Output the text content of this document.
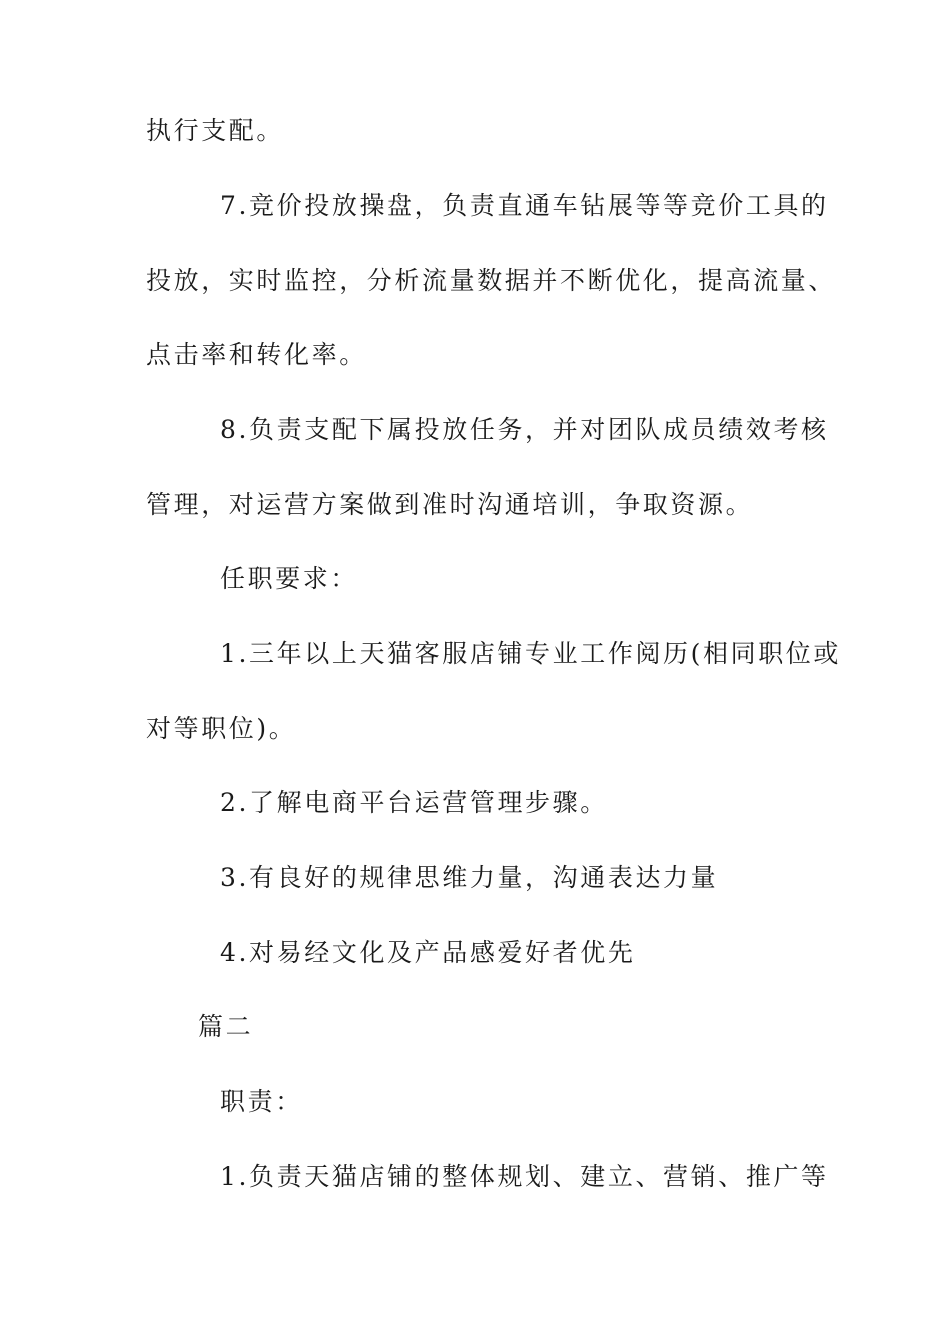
执行支配。
7.竞价投放操盘，负责直通车钻展等等竞价工具的
投放，实时监控，分析流量数据并不断优化，提高流量、
点击率和转化率。
8.负责支配下属投放任务，并对团队成员绩效考核
管理，对运营方案做到准时沟通培训，争取资源。
任职要求：
1.三年以上天猫客服店铺专业工作阅历(相同职位或
对等职位)。
2.了解电商平台运营管理步骤。
3.有良好的规律思维力量，沟通表达力量
4.对易经文化及产品感爱好者优先
篇二
职责：
1.负责天猫店铺的整体规划、建立、营销、推广等
